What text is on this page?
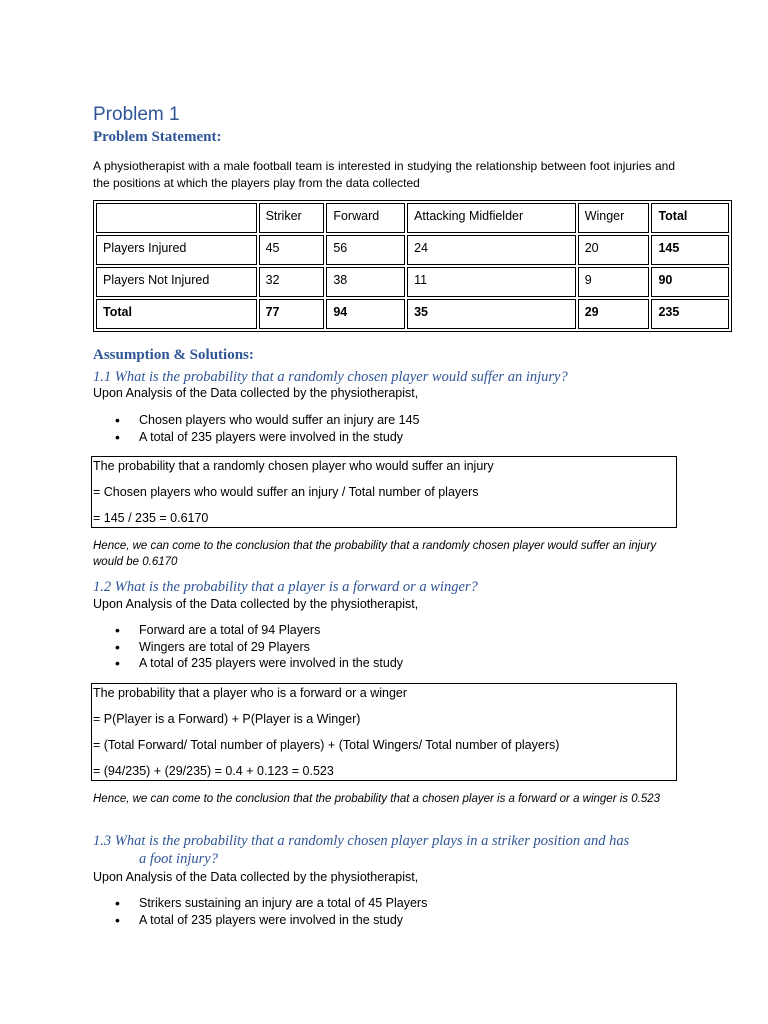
Problem 1
Problem Statement:
A physiotherapist with a male football team is interested in studying the relationship between foot injuries and the positions at which the players play from the data collected
	Striker	Forward	Attacking Midfielder	Winger	Total
Players Injured	45	56	24	20	145
Players Not Injured	32	38	11	9	90
Total	77	94	35	29	235
Assumption & Solutions:
1.1 What is the probability that a randomly chosen player would suffer an injury?
Upon Analysis of the Data collected by the physiotherapist,
• Chosen players who would suffer an injury are 145
• A total of 235 players were involved in the study
The probability that a randomly chosen player who would suffer an injury
= Chosen players who would suffer an injury / Total number of players
= 145 / 235 = 0.6170
Hence, we can come to the conclusion that the probability that a randomly chosen player would suffer an injury would be 0.6170
1.2 What is the probability that a player is a forward or a winger?
Upon Analysis of the Data collected by the physiotherapist,
• Forward are a total of 94 Players
• Wingers are total of 29 Players
• A total of 235 players were involved in the study
The probability that a player who is a forward or a winger
= P(Player is a Forward) + P(Player is a Winger)
= (Total Forward/ Total number of players) + (Total Wingers/ Total number of players)
= (94/235) + (29/235) = 0.4 + 0.123 = 0.523
Hence, we can come to the conclusion that the probability that a chosen player is a forward or a winger is 0.523
1.3 What is the probability that a randomly chosen player plays in a striker position and has
a foot injury?
Upon Analysis of the Data collected by the physiotherapist,
• Strikers sustaining an injury are a total of 45 Players
• A total of 235 players were involved in the study
